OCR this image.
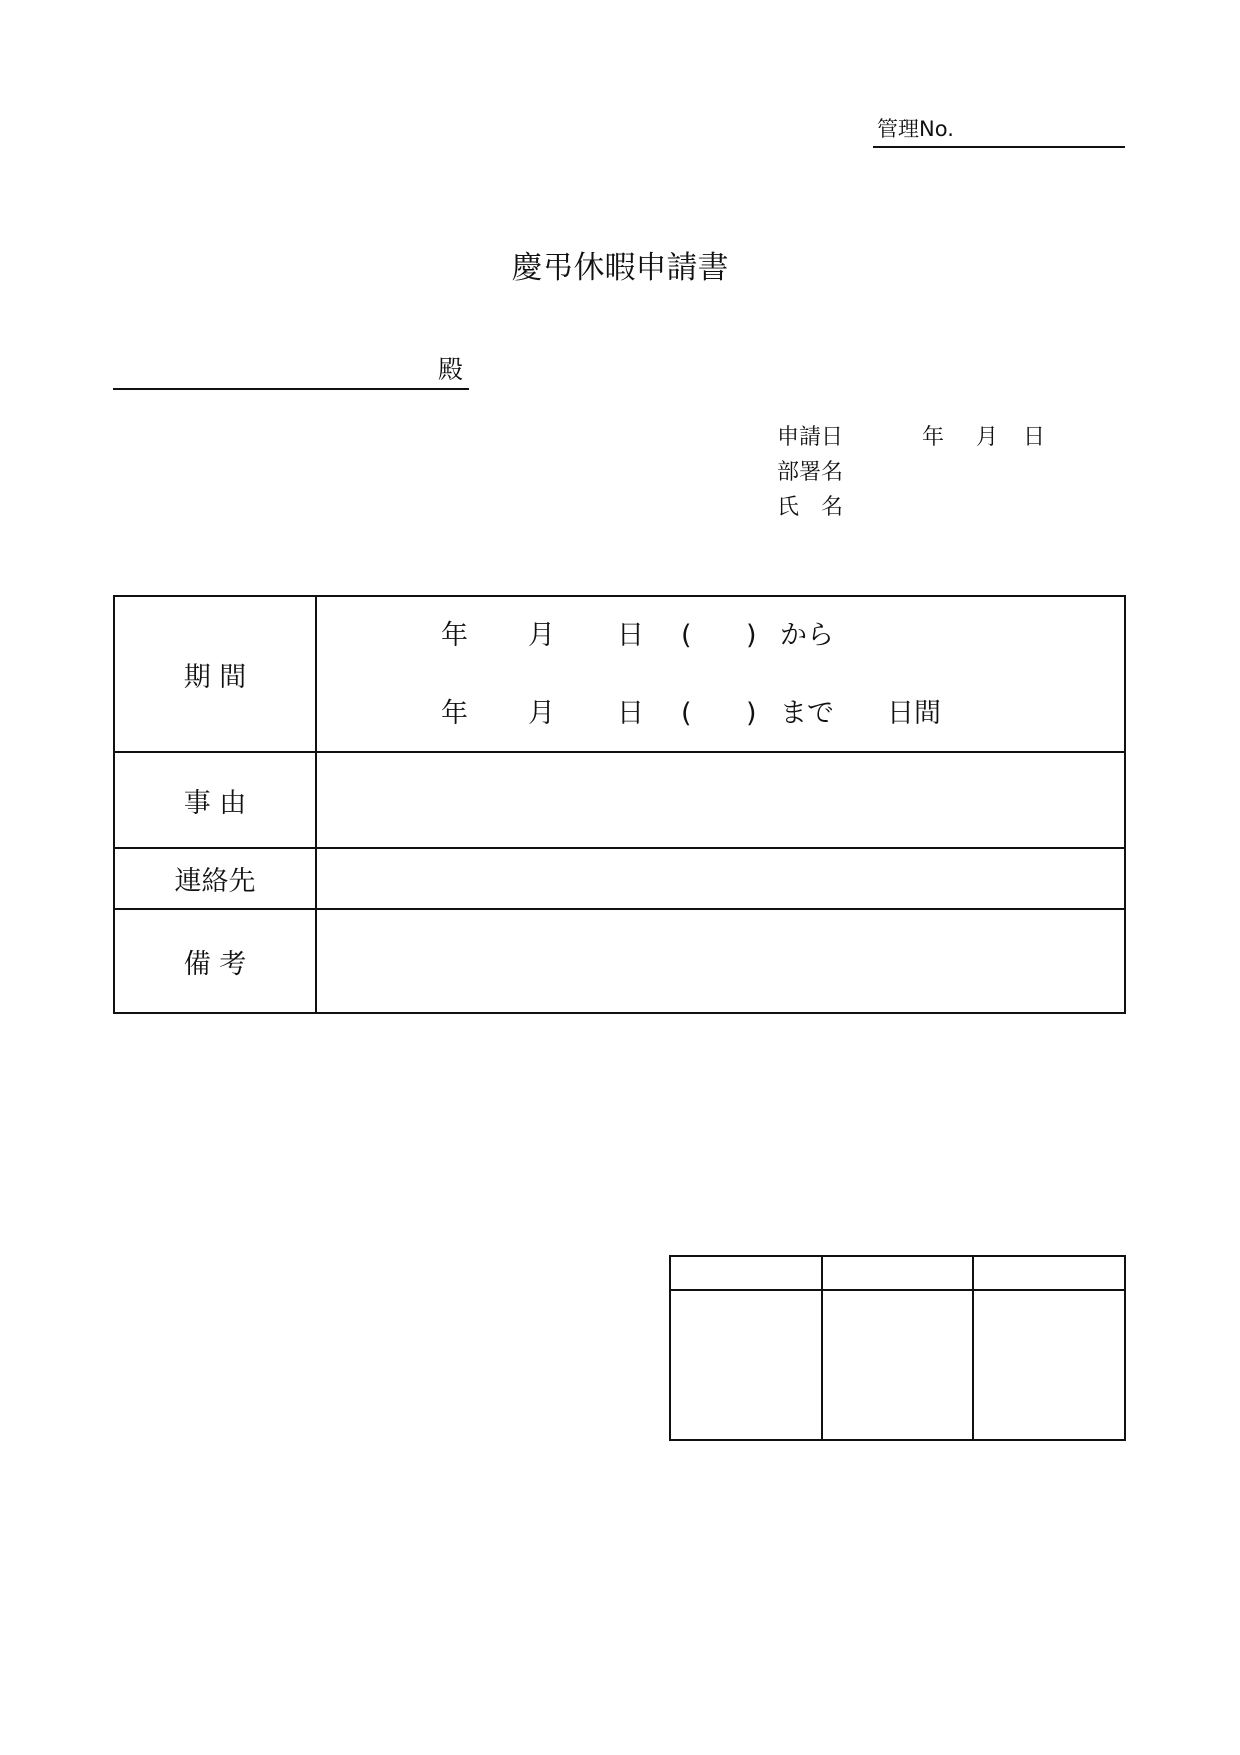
管理No.
慶弔休暇申請書
殿
申請日	年 月 日
部署名
氏　名
期 間
年 月 日 ( ) から
年 月 日 ( ) まで 日間
事 由
連絡先
備 考
